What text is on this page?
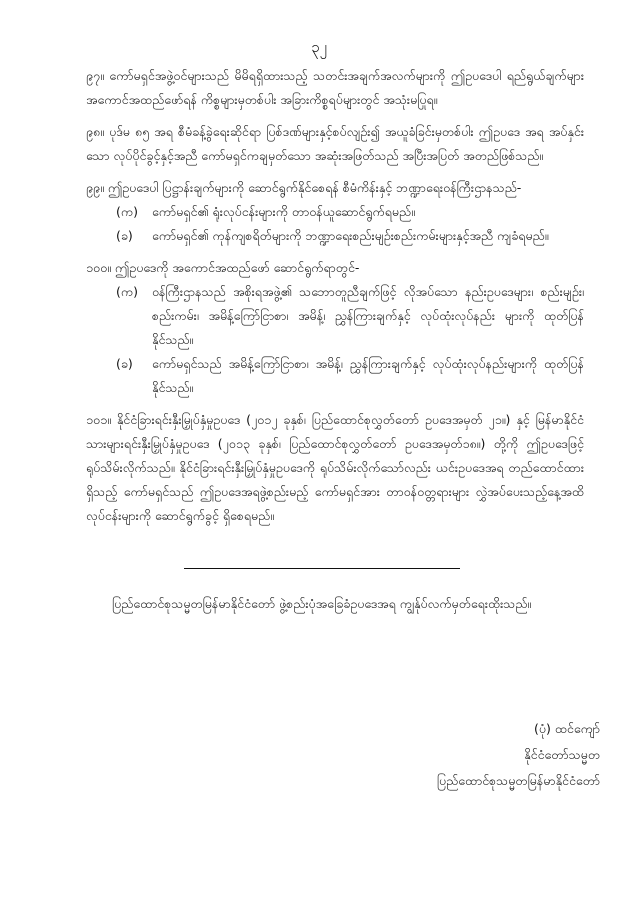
၃၂
၉၇။ ကော်မရှင်အဖွဲ့ဝင်များသည် မိမိရရှိထားသည့် သတင်းအချက်အလက်များကို ဤဥပဒေပါ ရည်ရွယ်ချက်များ အကောင်အထည်ဖော်ရန် ကိစ္စများမှတစ်ပါး အခြားကိစ္စရပ်များတွင် အသုံးမပြုရ။
၉၈။ ပုဒ်မ ၈၅ အရ စီမံခန့်ခွဲရေးဆိုင်ရာ ပြစ်ဒဏ်များနှင့်စပ်လျဉ်း၍ အယူခံခြင်းမှတစ်ပါး ဤဥပဒေ အရ အပ်နှင်းသော လုပ်ပိုင်ခွင့်နှင့်အညီ ကော်မရှင်ကချမှတ်သော အဆုံးအဖြတ်သည် အပြီးအပြတ် အတည်ဖြစ်သည်။
၉၉။ ဤဥပဒေပါ ပြဋ္ဌာန်းချက်များကို ဆောင်ရွက်နိုင်စေရန် စီမံကိန်းနှင့် ဘဏ္ဍာရေးဝန်ကြီးဌာနသည်-
(က) ကော်မရှင်၏ ရုံးလုပ်ငန်းများကို တာဝန်ယူဆောင်ရွက်ရမည်။
(ခ) ကော်မရှင်၏ ကုန်ကျစရိတ်များကို ဘဏ္ဍာရေးစည်းမျဉ်းစည်းကမ်းများနှင့်အညီ ကျခံရမည်။
၁၀၀။ ဤဥပဒေကို အကောင်အထည်ဖော် ဆောင်ရွက်ရာတွင်-
(က) ဝန်ကြီးဌာနသည် အစိုးရအဖွဲ့၏ သဘောတူညီချက်ဖြင့် လိုအပ်သော နည်းဥပဒေများ၊ စည်းမျဉ်း၊ စည်းကမ်း၊ အမိန့်ကြော်ငြာစာ၊ အမိန့်၊ ညွှန်ကြားချက်နှင့် လုပ်ထုံးလုပ်နည်း များကို ထုတ်ပြန်နိုင်သည်။
(ခ) ကော်မရှင်သည် အမိန့်ကြော်ငြာစာ၊ အမိန့်၊ ညွှန်ကြားချက်နှင့် လုပ်ထုံးလုပ်နည်းများကို ထုတ်ပြန်နိုင်သည်။
၁၀၁။ နိုင်ငံခြားရင်းနှီးမြှုပ်နှံမှုဥပဒေ (၂၀၁၂ ခုနှစ်၊ ပြည်ထောင်စုလွှတ်တော် ဥပဒေအမှတ် ၂၁။) နှင့် မြန်မာနိုင်ငံသားများရင်းနှီးမြှုပ်နှံမှုဥပဒေ (၂၀၁၃ ခုနှစ်၊ ပြည်ထောင်စုလွှတ်တော် ဥပဒေအမှတ်၁၈။) တို့ကို ဤဥပဒေဖြင့်ရုပ်သိမ်းလိုက်သည်။ နိုင်ငံခြားရင်းနှီးမြှုပ်နှံမှုဥပဒေကို ရုပ်သိမ်းလိုက်သော်လည်း ယင်းဥပဒေအရ တည်ထောင်ထားရှိသည့် ကော်မရှင်သည် ဤဥပဒေအရဖွဲ့စည်းမည့် ကော်မရှင်အား တာဝန်ဝတ္တရားများ လွှဲအပ်ပေးသည့်နေ့အထိ လုပ်ငန်းများကို ဆောင်ရွက်ခွင့် ရှိစေရမည်။
ပြည်ထောင်စုသမ္မတမြန်မာနိုင်ငံတော် ဖွဲ့စည်းပုံအခြေခံဥပဒေအရ ကျွန်ုပ်လက်မှတ်ရေးထိုးသည်။
(ပုံ) ထင်ကျော်
နိုင်ငံတော်သမ္မတ
ပြည်ထောင်စုသမ္မတမြန်မာနိုင်ငံတော်
